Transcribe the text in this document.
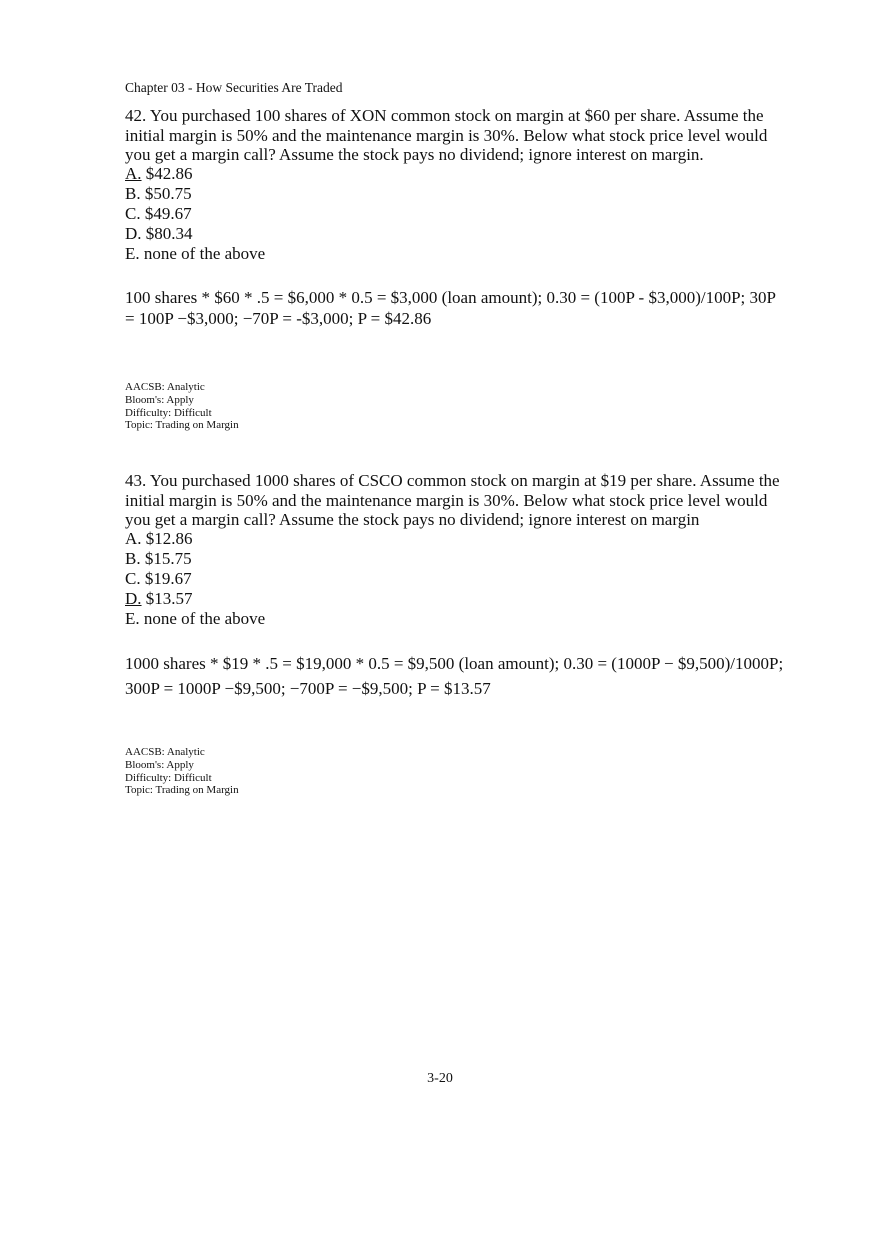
Chapter 03 - How Securities Are Traded
42. You purchased 100 shares of XON common stock on margin at $60 per share. Assume the initial margin is 50% and the maintenance margin is 30%. Below what stock price level would you get a margin call? Assume the stock pays no dividend; ignore interest on margin.
A. $42.86
B. $50.75
C. $49.67
D. $80.34
E. none of the above
100 shares * $60 * .5 = $6,000 * 0.5 = $3,000 (loan amount); 0.30 = (100P - $3,000)/100P; 30P = 100P −$3,000; −70P = -$3,000; P = $42.86
AACSB: Analytic
Bloom's: Apply
Difficulty: Difficult
Topic: Trading on Margin
43. You purchased 1000 shares of CSCO common stock on margin at $19 per share. Assume the initial margin is 50% and the maintenance margin is 30%. Below what stock price level would you get a margin call? Assume the stock pays no dividend; ignore interest on margin
A. $12.86
B. $15.75
C. $19.67
D. $13.57
E. none of the above
1000 shares * $19 * .5 = $19,000 * 0.5 = $9,500 (loan amount); 0.30 = (1000P − $9,500)/1000P; 300P = 1000P −$9,500; −700P = −$9,500; P = $13.57
AACSB: Analytic
Bloom's: Apply
Difficulty: Difficult
Topic: Trading on Margin
3-20
